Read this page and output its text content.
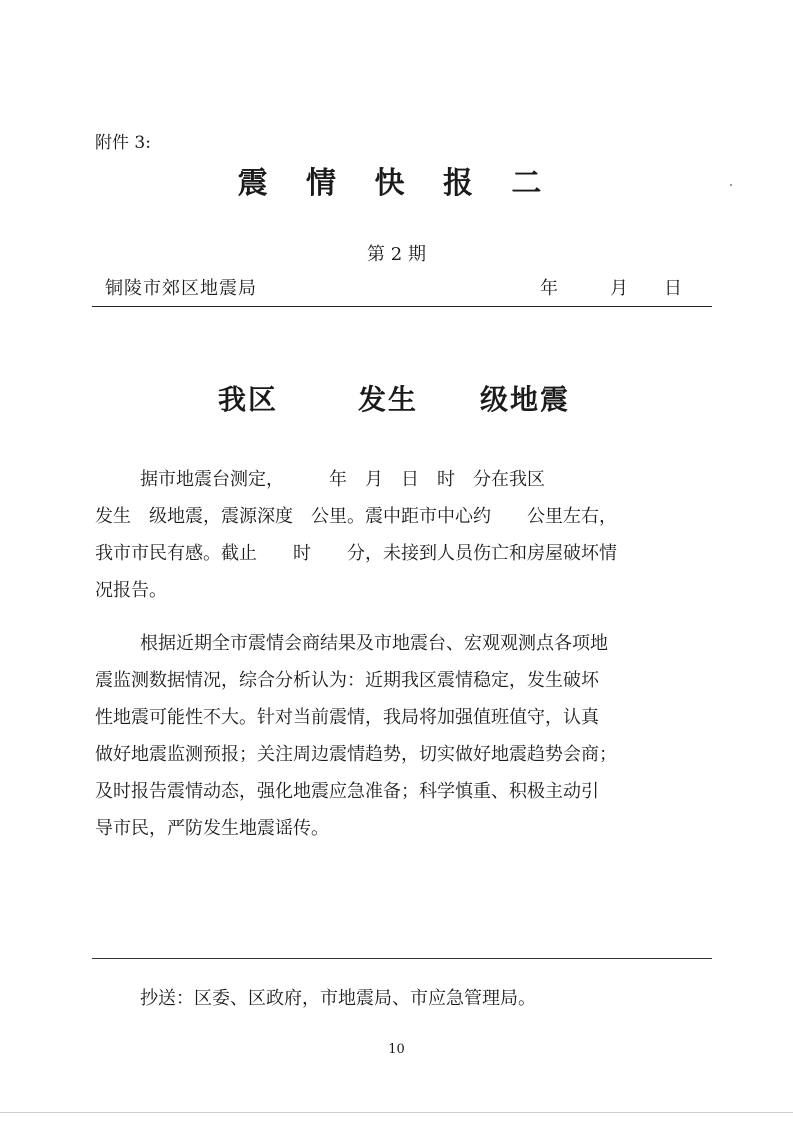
附件 3:
震 情 快 报 二
第 2 期
铜陵市郊区地震局	年	月 日
我区	发生 级地震
据市地震台测定，　　　年　月　日　时　分在我区
发生　级地震，震源深度　公里。震中距市中心约　　公里左右，
我市市民有感。截止　　时　　分，未接到人员伤亡和房屋破坏情
况报告。
根据近期全市震情会商结果及市地震台、宏观观测点各项地
震监测数据情况，综合分析认为：近期我区震情稳定，发生破坏
性地震可能性不大。针对当前震情，我局将加强值班值守，认真
做好地震监测预报；关注周边震情趋势，切实做好地震趋势会商；
及时报告震情动态，强化地震应急准备；科学慎重、积极主动引
导市民，严防发生地震谣传。
抄送：区委、区政府，市地震局、市应急管理局。
10
